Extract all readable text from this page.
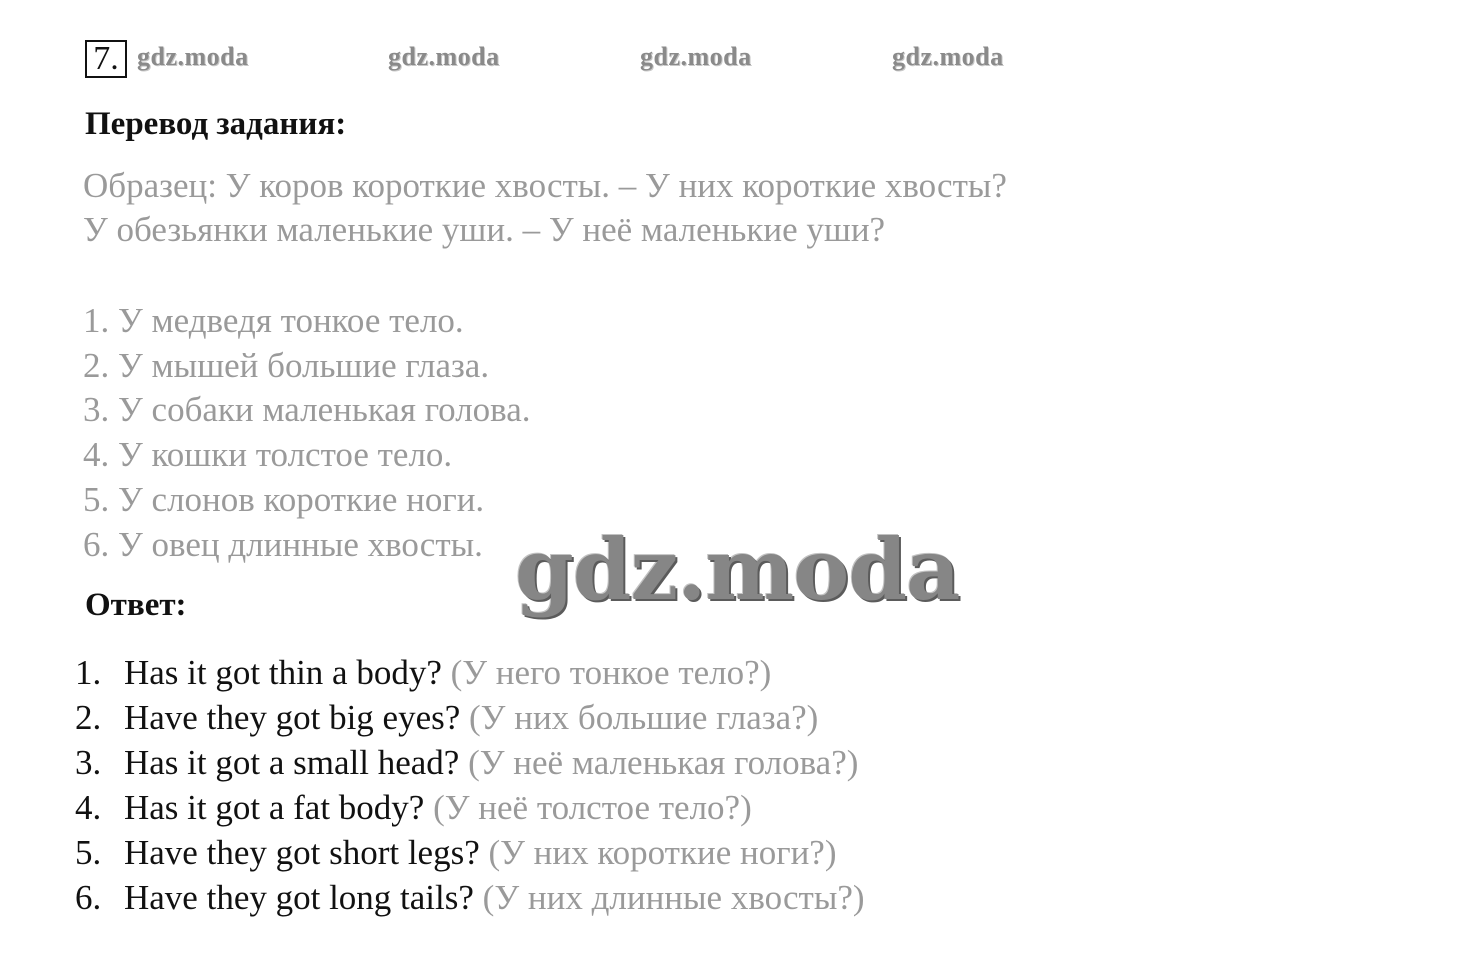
7. gdz.moda	gdz.moda	gdz.moda	gdz.moda
Перевод задания:
Образец: У коров короткие хвосты. – У них короткие хвосты?
У обезьянки маленькие уши. – У неё маленькие уши?
1. У медведя тонкое тело.
2. У мышей большие глаза.
3. У собаки маленькая голова.
4. У кошки толстое тело.
5. У слонов короткие ноги.
6. У овец длинные хвосты.
Ответ:
1. Has it got thin a body? (У него тонкое тело?)
2. Have they got big eyes? (У них большие глаза?)
3. Has it got a small head? (У неё маленькая голова?)
4. Has it got a fat body? (У неё толстое тело?)
5. Have they got short legs? (У них короткие ноги?)
6. Have they got long tails? (У них длинные хвосты?)
gdz.moda
